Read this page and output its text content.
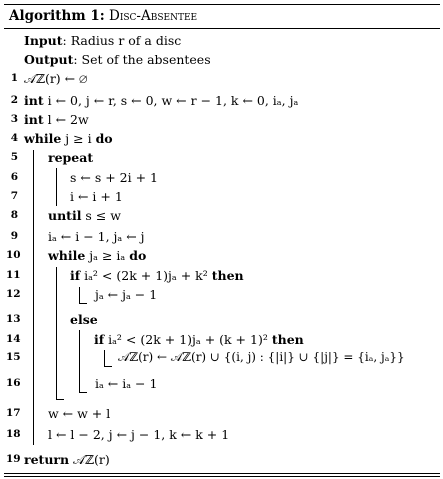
Algorithm 1: Disc-Absentee
Input: Radius r of a disc
Output: Set of the absentees
1 𝒜ℤ(r) ← ∅
2 int i ← 0, j ← r, s ← 0, w ← r − 1, k ← 0, iₐ, jₐ
3 int l ← 2w
4 while j ≥ i do
5 repeat
6	s ← s + 2i + 1
7	i ← i + 1
8 until s ≤ w
9 iₐ ← i − 1, jₐ ← j
10 while jₐ ≥ iₐ do
11	if iₐ² < (2k + 1)jₐ + k² then
12	jₐ ← jₐ − 1
13	else
14	if iₐ² < (2k + 1)jₐ + (k + 1)² then
15	𝒜ℤ(r) ← 𝒜ℤ(r) ∪ {(i, j) : {|i|} ∪ {|j|} = {iₐ, jₐ}}
16	iₐ ← iₐ − 1
17 w ← w + l
18 l ← l − 2, j ← j − 1, k ← k + 1
19 return 𝒜ℤ(r)
